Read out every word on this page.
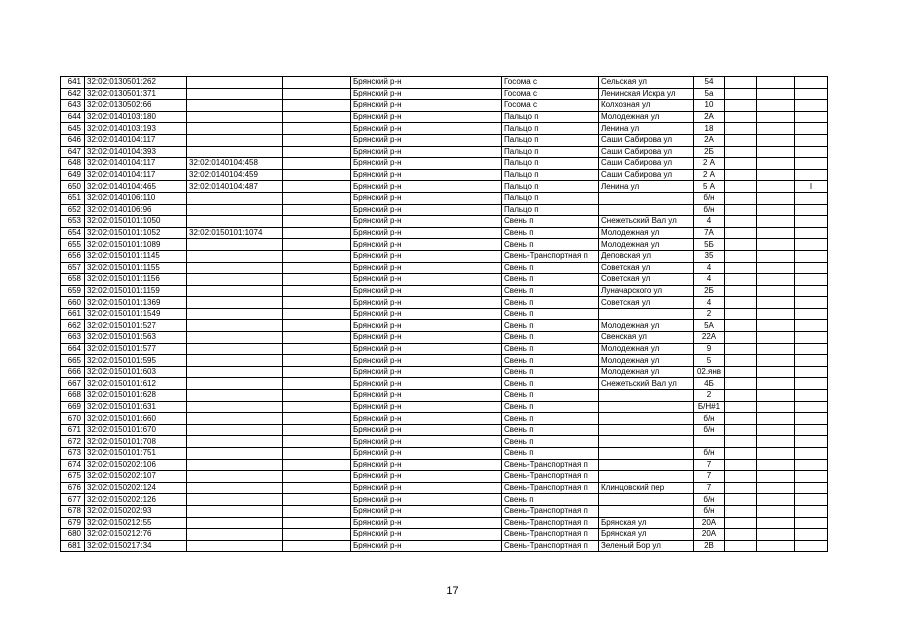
641	32:02:0130501:262			Брянский р-н	Госома с	Сельская ул	54			
642	32:02:0130501:371			Брянский р-н	Госома с	Ленинская Искра ул	5а			
643	32:02:0130502:66			Брянский р-н	Госома с	Колхозная ул	10			
644	32:02:0140103:180			Брянский р-н	Пальцо п	Молодежная ул	2А			
645	32:02:0140103:193			Брянский р-н	Пальцо п	Ленина ул	18			
646	32:02:0140104:117			Брянский р-н	Пальцо п	Саши Сабирова ул	2А			
647	32:02:0140104:393			Брянский р-н	Пальцо п	Саши Сабирова ул	2Б			
648	32:02:0140104:117	32:02:0140104:458		Брянский р-н	Пальцо п	Саши Сабирова ул	2 А			
649	32:02:0140104:117	32:02:0140104:459		Брянский р-н	Пальцо п	Саши Сабирова ул	2 А			
650	32:02:0140104:465	32:02:0140104:487		Брянский р-н	Пальцо п	Ленина ул	5 А			I
651	32:02:0140106:110			Брянский р-н	Пальцо п		б/н			
652	32:02:0140106:96			Брянский р-н	Пальцо п		б/н			
653	32:02:0150101:1050			Брянский р-н	Свень п	Снежетьский Вал ул	4			
654	32:02:0150101:1052	32:02:0150101:1074		Брянский р-н	Свень п	Молодежная ул	7А			
655	32:02:0150101:1089			Брянский р-н	Свень п	Молодежная ул	5Б			
656	32:02:0150101:1145			Брянский р-н	Свень-Транспортная п	Деповская ул	35			
657	32:02:0150101:1155			Брянский р-н	Свень п	Советская ул	4			
658	32:02:0150101:1156			Брянский р-н	Свень п	Советская ул	4			
659	32:02:0150101:1159			Брянский р-н	Свень п	Луначарского ул	2Б			
660	32:02:0150101:1369			Брянский р-н	Свень п	Советская ул	4			
661	32:02:0150101:1549			Брянский р-н	Свень п		2			
662	32:02:0150101:527			Брянский р-н	Свень п	Молодежная ул	5А			
663	32:02:0150101:563			Брянский р-н	Свень п	Свенская ул	22А			
664	32:02:0150101:577			Брянский р-н	Свень п	Молодежная ул	9			
665	32:02:0150101:595			Брянский р-н	Свень п	Молодежная ул	5			
666	32:02:0150101:603			Брянский р-н	Свень п	Молодежная ул	02.янв			
667	32:02:0150101:612			Брянский р-н	Свень п	Снежетьский Вал ул	4Б			
668	32:02:0150101:628			Брянский р-н	Свень п		2			
669	32:02:0150101:631			Брянский р-н	Свень п		Б/Н#1			
670	32:02:0150101:660			Брянский р-н	Свень п		б/н			
671	32:02:0150101:670			Брянский р-н	Свень п		б/н			
672	32:02:0150101:708			Брянский р-н	Свень п					
673	32:02:0150101:751			Брянский р-н	Свень п		б/н			
674	32:02:0150202:106			Брянский р-н	Свень-Транспортная п		7			
675	32:02:0150202:107			Брянский р-н	Свень-Транспортная п		7			
676	32:02:0150202:124			Брянский р-н	Свень-Транспортная п	Клинцовский пер	7			
677	32:02:0150202:126			Брянский р-н	Свень п		б/н			
678	32:02:0150202:93			Брянский р-н	Свень-Транспортная п		б/н			
679	32:02:0150212:55			Брянский р-н	Свень-Транспортная п	Брянская ул	20А			
680	32:02:0150212:76			Брянский р-н	Свень-Транспортная п	Брянская ул	20А			
681	32:02:0150217:34			Брянский р-н	Свень-Транспортная п	Зеленый Бор ул	2В			
17
